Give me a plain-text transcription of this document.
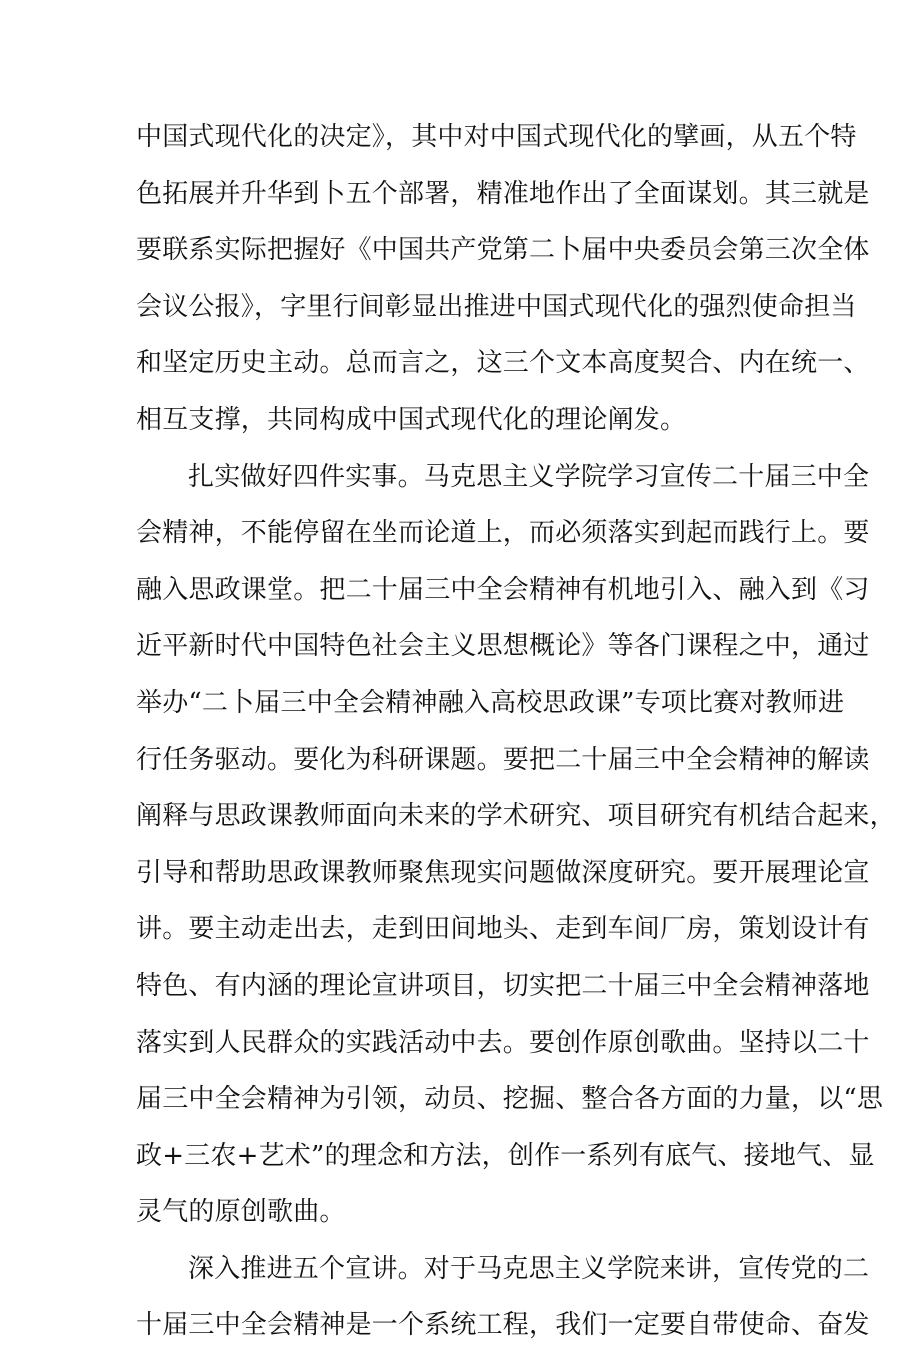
中国式现代化的决定》，其中对中国式现代化的擘画，从五个特
色拓展并升华到卜五个部署，精准地作出了全面谋划。其三就是
要联系实际把握好《中国共产党第二卜届中央委员会第三次全体
会议公报》，字里行间彰显出推进中国式现代化的强烈使命担当
和坚定历史主动。总而言之，这三个文本高度契合、内在统一、
相互支撑，共同构成中国式现代化的理论阐发。
扎实做好四件实事。马克思主义学院学习宣传二十届三中全
会精神，不能停留在坐而论道上，而必须落实到起而践行上。要
融入思政课堂。把二十届三中全会精神有机地引入、融入到《习
近平新时代中国特色社会主义思想概论》等各门课程之中，通过
举办“二卜届三中全会精神融入高校思政课”专项比赛对教师进
行任务驱动。要化为科研课题。要把二十届三中全会精神的解读
阐释与思政课教师面向未来的学术研究、项目研究有机结合起来，
引导和帮助思政课教师聚焦现实问题做深度研究。要开展理论宣
讲。要主动走出去，走到田间地头、走到车间厂房，策划设计有
特色、有内涵的理论宣讲项目，切实把二十届三中全会精神落地
落实到人民群众的实践活动中去。要创作原创歌曲。坚持以二十
届三中全会精神为引领，动员、挖掘、整合各方面的力量，以“思
政+三农+艺术”的理念和方法，创作一系列有底气、接地气、显
灵气的原创歌曲。
深入推进五个宣讲。对于马克思主义学院来讲，宣传党的二
十届三中全会精神是一个系统工程，我们一定要自带使命、奋发
